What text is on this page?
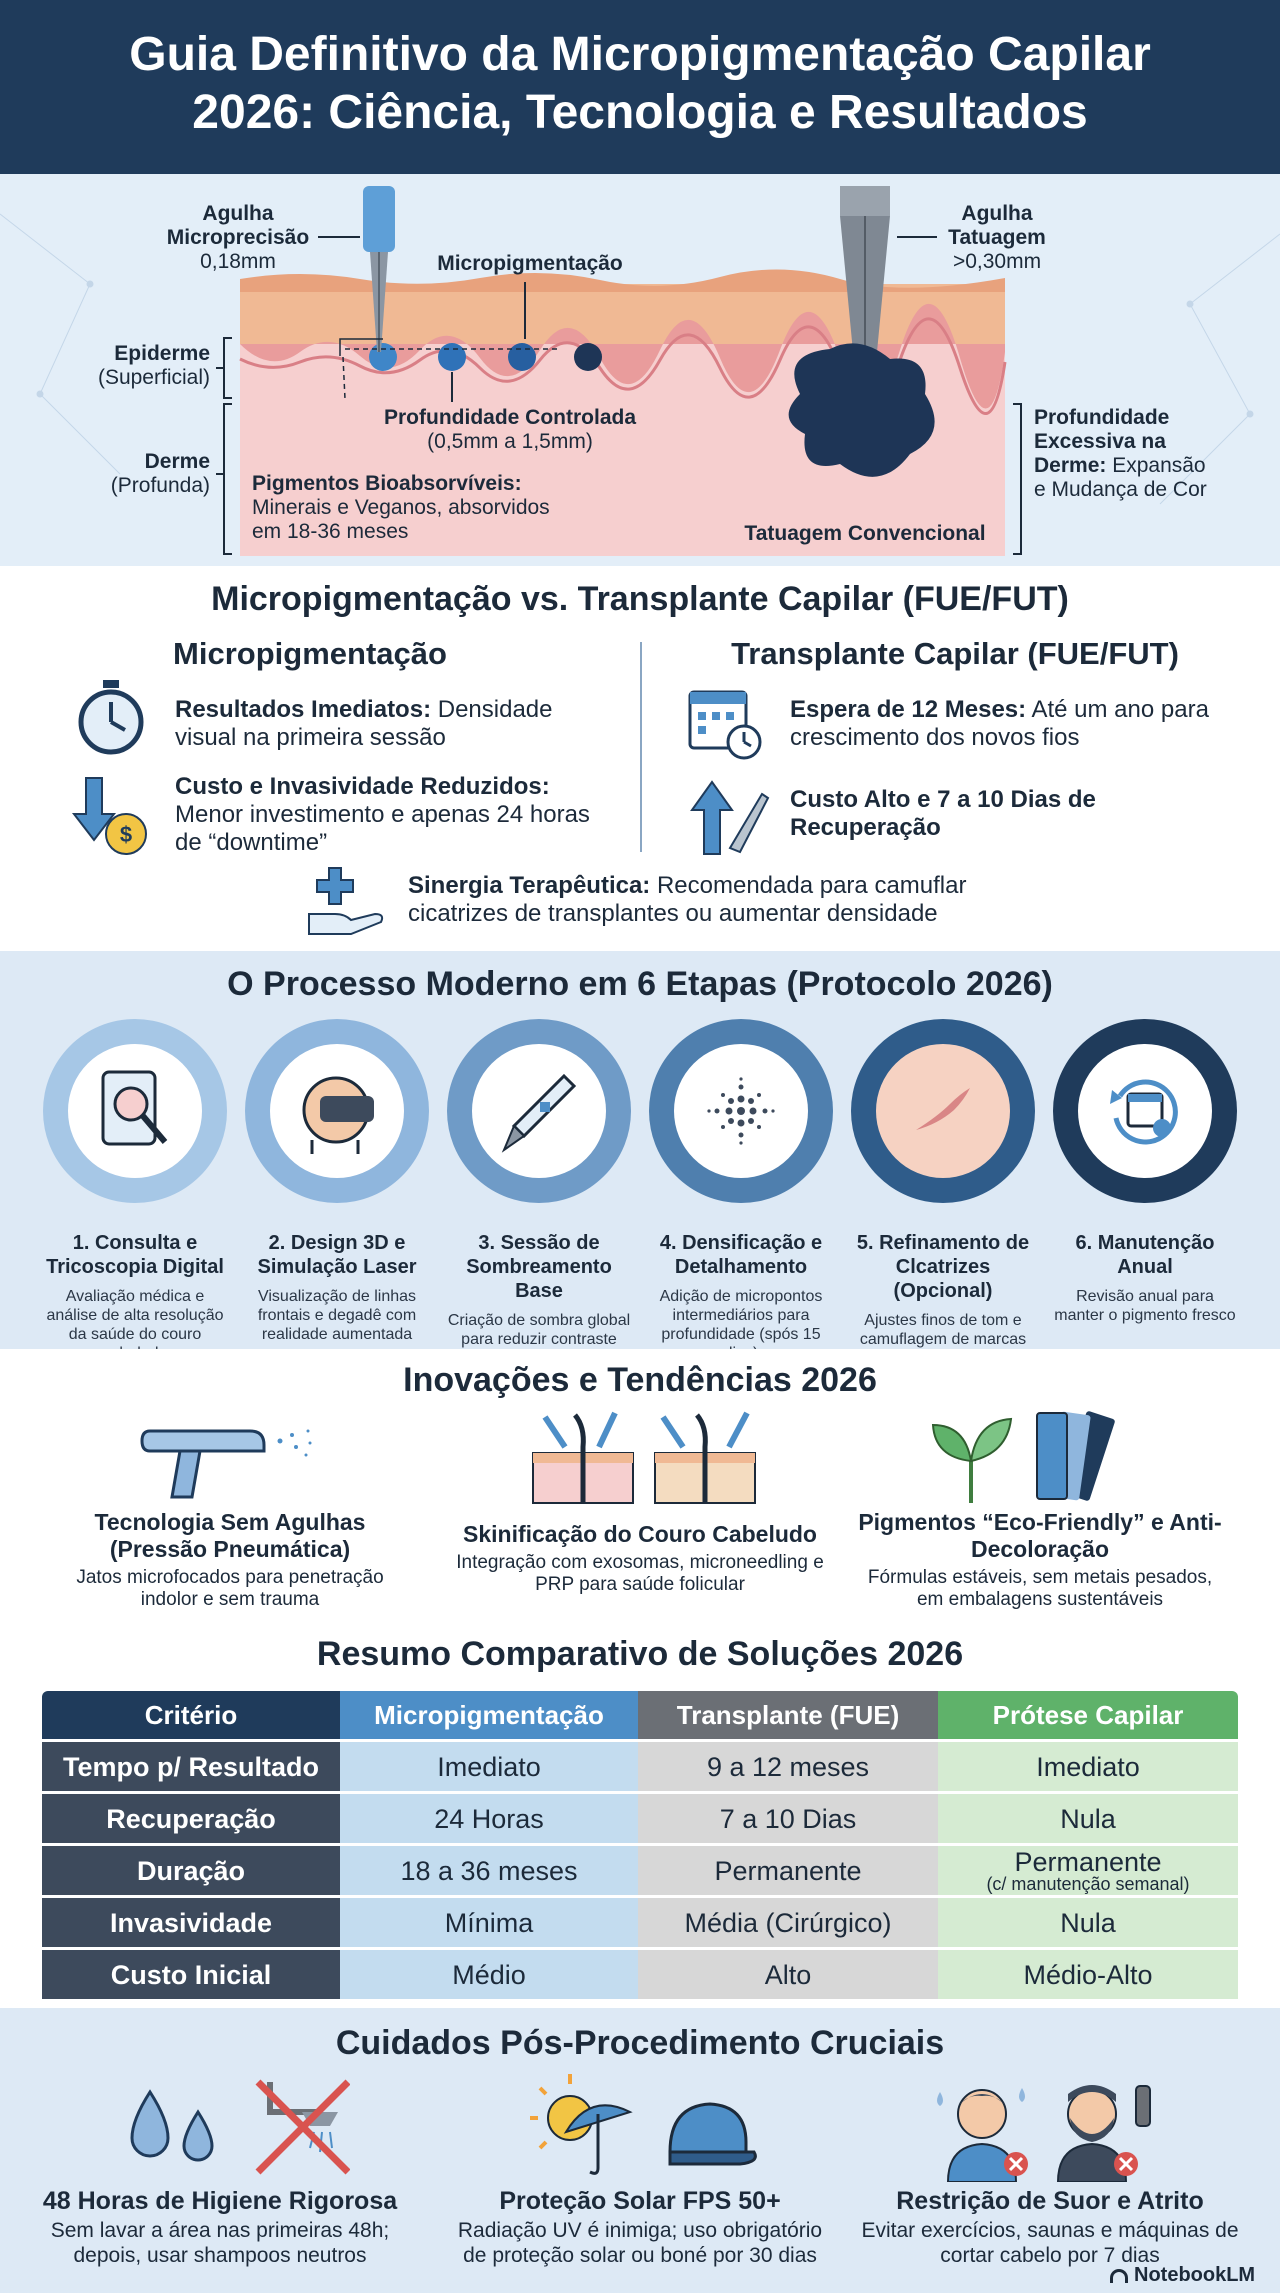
Guia Definitivo da Micropigmentação Capilar
2026: Ciência, Tecnologia e Resultados
Agulha
Microprecisão
0,18mm
Agulha
Tatuagem
>0,30mm
Micropigmentação
Epiderme
(Superficial)
Derme
(Profunda)
Profundidade Controlada
(0,5mm a 1,5mm)
Pigmentos Bioabsorvíveis:
Minerais e Veganos, absorvidos
em 18-36 meses
Profundidade
Excessiva na
Derme: Expansão
e Mudança de Cor
Tatuagem Convencional
Micropigmentação vs. Transplante Capilar (FUE/FUT)
Micropigmentação	Transplante Capilar (FUE/FUT)
Resultados Imediatos: Densidade visual na primeira sessão
$
Custo e Invasividade Reduzidos: Menor investimento e apenas 24 horas de “downtime”
Espera de 12 Meses: Até um ano para crescimento dos novos fios
Custo Alto e 7 a 10 Dias de Recuperação
Sinergia Terapêutica: Recomendada para camuflar cicatrizes de transplantes ou aumentar densidade
O Processo Moderno em 6 Etapas (Protocolo 2026)
1. Consulta e Tricoscopia Digital
Avaliação médica e análise de alta resolução da saúde do couro
2. Design 3D e Simulação Laser
Visualização de linhas frontais e degadê com realidade aumentada
3. Sessão de Sombreamento Base
Criação de sombra global para reduzir contraste
4. Densificação e Detalhamento
Adição de micropontos intermediários para profundidade (spós 15
5. Refinamento de Clcatrizes (Opcional)
Ajustes finos de tom e camuflagem de marcas
6. Manutenção Anual
Revisão anual para manter o pigmento fresco
Inovações e Tendências 2026
Tecnologia Sem Agulhas (Pressão Pneumática)
Jatos microfocados para penetração indolor e sem trauma
Skinificação do Couro Cabeludo
Integração com exosomas, microneedling e PRP para saúde folicular
Pigmentos “Eco-Friendly” e Anti-Decoloração
Fórmulas estáveis, sem metais pesados, em embalagens sustentáveis
Resumo Comparativo de Soluções 2026
Critério	Micropigmentação	Transplante (FUE)	Prótese Capilar
Tempo p/ Resultado	Imediato	9 a 12 meses	Imediato
Recuperação	24 Horas	7 a 10 Dias	Nula
Duração	18 a 36 meses	Permanente	Permanente
(c/ manutenção semanal)

Invasividade	Mínima	Média (Cirúrgico)	Nula
Custo Inicial	Médio	Alto	Médio-Alto
Cuidados Pós-Procedimento Cruciais
48 Horas de Higiene Rigorosa
Sem lavar a área nas primeiras 48h; depois, usar shampoos neutros
Proteção Solar FPS 50+
Radiação UV é inimiga; uso obrigatório de proteção solar ou boné por 30 dias
Restrição de Suor e Atrito
Evitar exercícios, saunas e máquinas de cortar cabelo por 7 dias
NotebookLM
